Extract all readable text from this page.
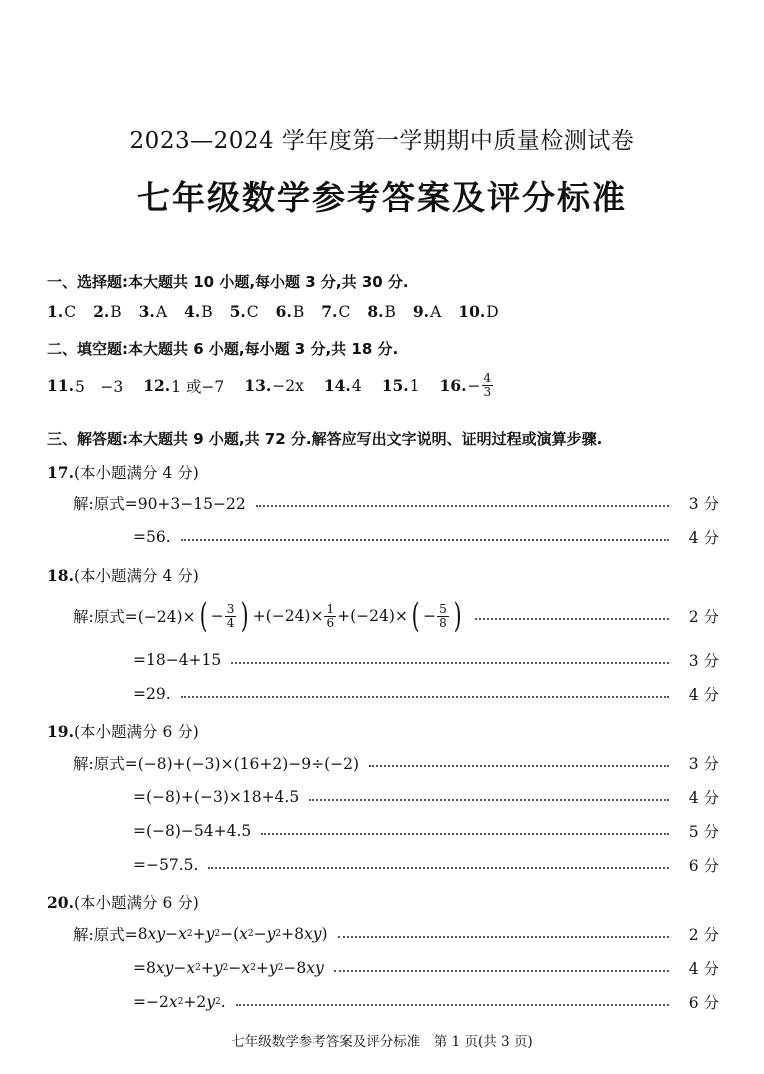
2023—2024 学年度第一学期期中质量检测试卷
七年级数学参考答案及评分标准
一、选择题:本大题共 10 小题,每小题 3 分,共 30 分.
1.C 2.B 3.A 4.B 5.C 6.B 7.C 8.B 9.A 10.D
二、填空题:本大题共 6 小题,每小题 3 分,共 18 分.
11. 5　−3 12. 1 或−7 13. −2x 14. 4 15. 1 16. − $\frac{4}{3}$
三、解答题:本大题共 9 小题,共 72 分.解答应写出文字说明、证明过程或演算步骤.
17.(本小题满分 4 分)
解:原式=90+3−15−22	3 分
=56.	4 分
18.(本小题满分 4 分)
解:原式=(−24)× ( − $\frac{3}{4}$ ) $+(-24)\times \frac{1}{6} +(-24)\times$ ( − $\frac{5}{8}$ )	2 分
=18−4+15	3 分
=29.	4 分
19.(本小题满分 6 分)
解:原式=(−8)+(−3)×(16+2)−9÷(−2)	3 分
=(−8)+(−3)×18+4.5	4 分
=(−8)−54+4.5	5 分
=−57.5.	6 分
20.(本小题满分 6 分)
解:原式= 8 xy − x 2 + y 2 −( x 2 − y 2 +8 xy )	2 分
= 8 xy − x 2 + y 2 − x 2 + y 2 −8 xy	4 分
= −2 x 2 +2 y 2 .	6 分
七年级数学参考答案及评分标准　第 1 页(共 3 页)
